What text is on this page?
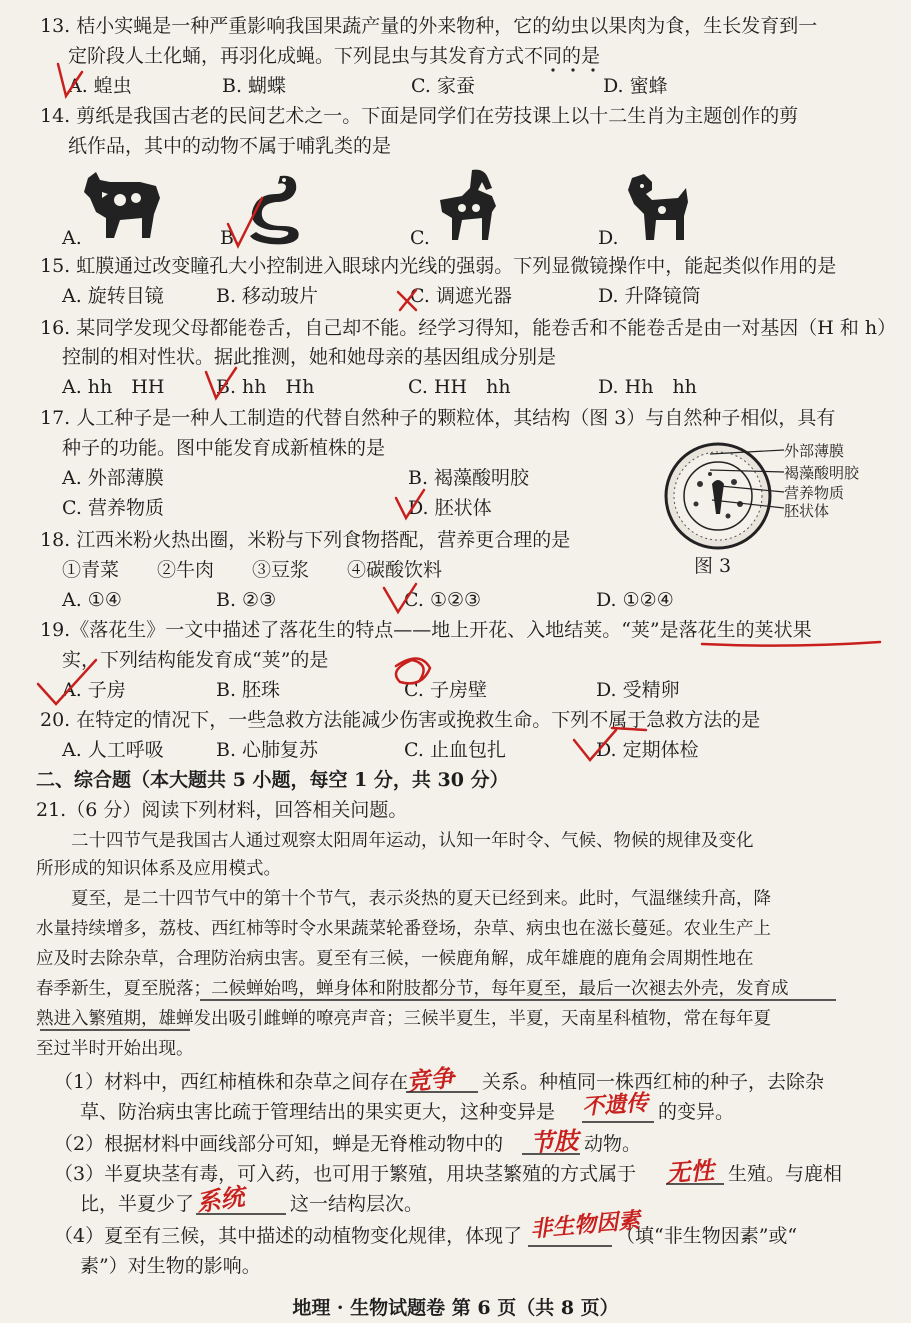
13. 桔小实蝇是一种严重影响我国果蔬产量的外来物种，它的幼虫以果肉为食，生长发育到一
定阶段人土化蛹，再羽化成蝇。下列昆虫与其发育方式不同的是
A. 蝗虫	B. 蝴蝶	C. 家蚕	D. 蜜蜂
14. 剪纸是我国古老的民间艺术之一。下面是同学们在劳技课上以十二生肖为主题创作的剪
纸作品，其中的动物不属于哺乳类的是
A.	B.	C.	D.
15. 虹膜通过改变瞳孔大小控制进入眼球内光线的强弱。下列显微镜操作中，能起类似作用的是
A. 旋转目镜	B. 移动玻片	C. 调遮光器	D. 升降镜筒
16. 某同学发现父母都能卷舌，自己却不能。经学习得知，能卷舌和不能卷舌是由一对基因（H 和 h）
控制的相对性状。据此推测，她和她母亲的基因组成分别是
A. hh　HH	B. hh　Hh	C. HH　hh	D. Hh　hh
17. 人工种子是一种人工制造的代替自然种子的颗粒体，其结构（图 3）与自然种子相似，具有
种子的功能。图中能发育成新植株的是
A. 外部薄膜	B. 褐藻酸明胶
C. 营养物质	D. 胚状体
外部薄膜
褐藻酸明胶
营养物质
胚状体
图 3
18. 江西米粉火热出圈，米粉与下列食物搭配，营养更合理的是
①青菜　　②牛肉　　③豆浆　　④碳酸饮料
A. ①④	B. ②③	C. ①②③	D. ①②④
19.《落花生》一文中描述了落花生的特点——地上开花、入地结荚。“荚”是落花生的荚状果
实，下列结构能发育成“荚”的是
A. 子房	B. 胚珠	C. 子房壁	D. 受精卵
20. 在特定的情况下，一些急救方法能减少伤害或挽救生命。下列不属于急救方法的是
A. 人工呼吸	B. 心肺复苏	C. 止血包扎	D. 定期体检
二、综合题（本大题共 5 小题，每空 1 分，共 30 分）
21.（6 分）阅读下列材料，回答相关问题。
　　二十四节气是我国古人通过观察太阳周年运动，认知一年时令、气候、物候的规律及变化
所形成的知识体系及应用模式。
　　夏至，是二十四节气中的第十个节气，表示炎热的夏天已经到来。此时，气温继续升高，降
水量持续增多，荔枝、西红柿等时令水果蔬菜轮番登场，杂草、病虫也在滋长蔓延。农业生产上
应及时去除杂草，合理防治病虫害。夏至有三候，一候鹿角解，成年雄鹿的鹿角会周期性地在
春季新生，夏至脱落；二候蝉始鸣，蝉身体和附肢都分节，每年夏至，最后一次褪去外壳，发育成
熟进入繁殖期，雄蝉发出吸引雌蝉的嘹亮声音；三候半夏生，半夏，天南星科植物，常在每年夏
至过半时开始出现。
（1）材料中，西红柿植株和杂草之间存在	关系。种植同一株西红柿的种子，去除杂
草、防治病虫害比疏于管理结出的果实更大，这种变异是	的变异。
（2）根据材料中画线部分可知，蝉是无脊椎动物中的	动物。
（3）半夏块茎有毒，可入药，也可用于繁殖，用块茎繁殖的方式属于	生殖。与鹿相
比，半夏少了	这一结构层次。
（4）夏至有三候，其中描述的动植物变化规律，体现了	（填“非生物因素”或“
素”）对生物的影响。
竞争
不遗传
节肢
无性
系统
非生物因素
地理 · 生物试题卷 第 6 页（共 8 页）
